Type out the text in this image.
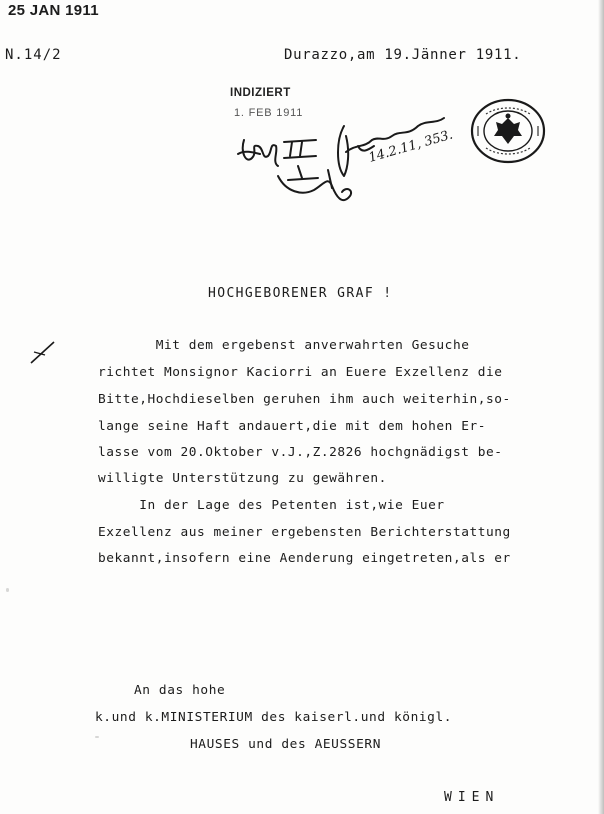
25 JAN 1911
N.14/2	Durazzo,am 19.Jänner 1911.
INDIZIERT
1. FEB 1911
14.2.11, 353.
HOCHGEBORENER GRAF !
Mit dem ergebenst anverwahrten Gesuche
richtet Monsignor Kaciorri an Euere Exzellenz die
Bitte,Hochdieselben geruhen ihm auch weiterhin,so-
lange seine Haft andauert,die mit dem hohen Er-
lasse vom 20.Oktober v.J.,Z.2826 hochgnädigst be-
willigte Unterstützung zu gewähren.
In der Lage des Petenten ist,wie Euer
Exzellenz aus meiner ergebensten Berichterstattung
bekannt,insofern eine Aenderung eingetreten,als er
An das hohe
k.und k.MINISTERIUM des kaiserl.und königl.
HAUSES und des AEUSSERN
WIEN
